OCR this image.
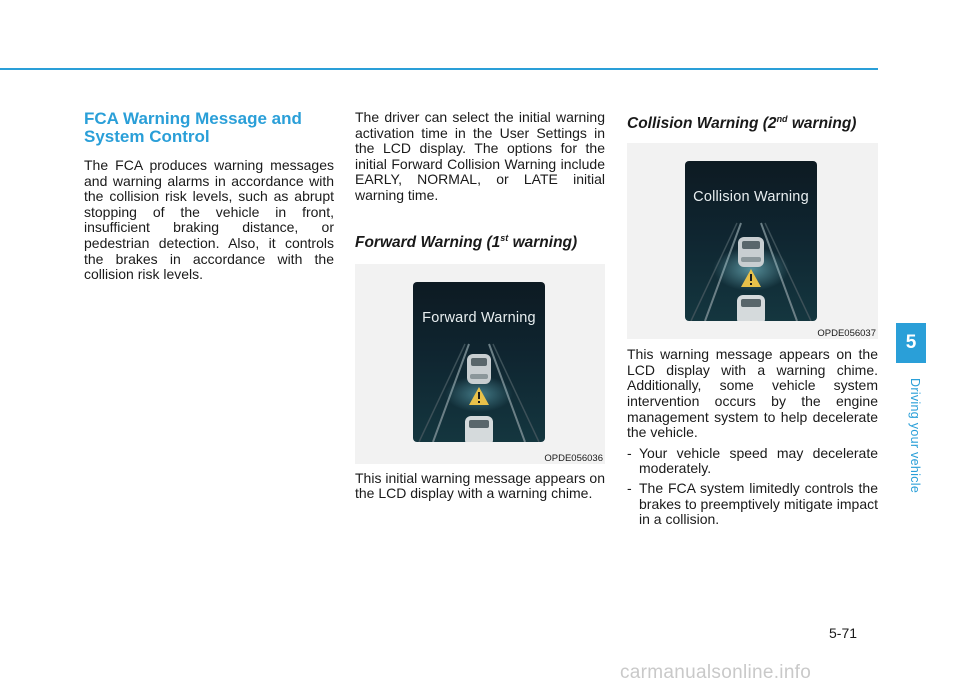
FCA Warning Message and System Control

The FCA produces warning messages and warning alarms in accordance with the collision risk levels, such as abrupt stopping of the vehicle in front, insufficient braking distance, or pedestrian detection. Also, it controls the brakes in accordance with the collision risk levels.

The driver can select the initial warning activation time in the User Settings in the LCD display. The options for the initial Forward Collision Warning include EARLY, NORMAL, or LATE initial warning time.

Forward Warning (1st warning)
Forward Warning
OPDE056036

This initial warning message appears on the LCD display with a warning chime.

Collision Warning (2nd warning)
Collision Warning
OPDE056037

This warning message appears on the LCD display with a warning chime. Additionally, some vehicle system intervention occurs by the engine management system to help decelerate the vehicle.

- Your vehicle speed may decelerate moderately.
- The FCA system limitedly controls the brakes to preemptively mitigate impact in a collision.
5
Driving your vehicle
5-71
carmanualsonline.info
